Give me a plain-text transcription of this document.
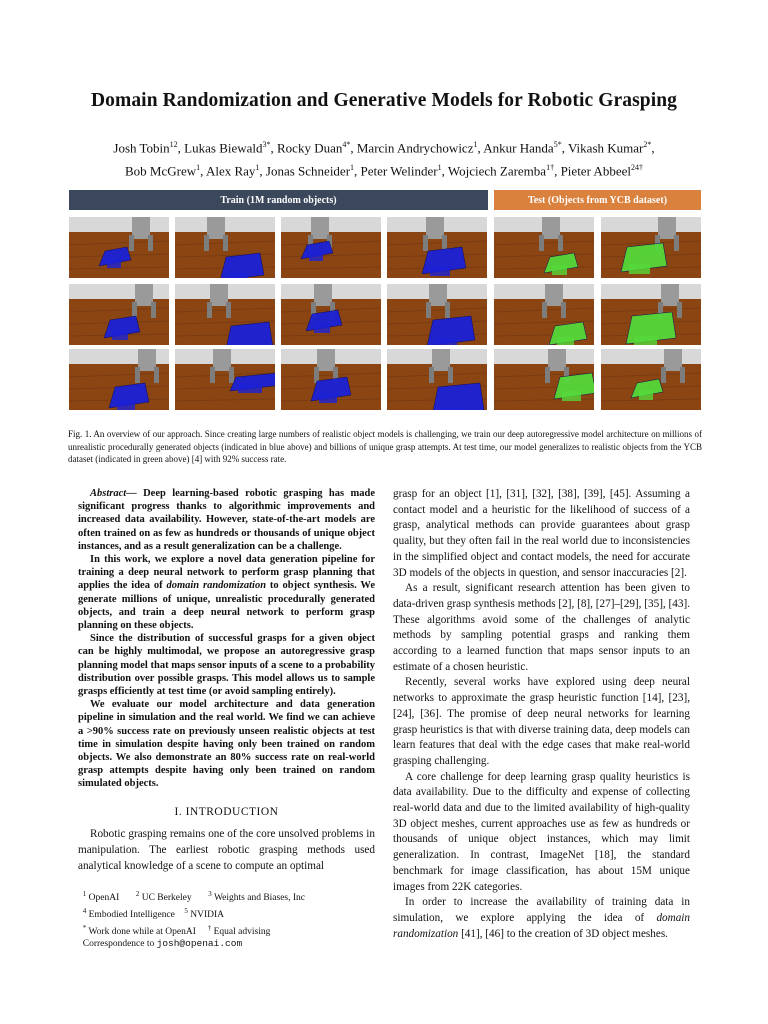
Domain Randomization and Generative Models for Robotic Grasping
Josh Tobin$^{12}$, Lukas Biewald$^{3*}$, Rocky Duan$^{4*}$, Marcin Andrychowicz$^1$, Ankur Handa$^{5*}$, Vikash Kumar$^{2*}$,
Bob McGrew$^1$, Alex Ray$^1$, Jonas Schneider$^1$, Peter Welinder$^1$, Wojciech Zaremba$^{1\dagger}$, Pieter Abbeel$^{24\dagger}$
Train (1M random objects)	Test (Objects from YCB dataset)
Fig. 1. An overview of our approach. Since creating large numbers of realistic object models is challenging, we train our deep autoregressive model architecture on millions of unrealistic procedurally generated objects (indicated in blue above) and billions of unique grasp attempts. At test time, our model generalizes to realistic objects from the YCB dataset (indicated in green above) [4] with 92% success rate.

Abstract— Deep learning-based robotic grasping has made significant progress thanks to algorithmic improvements and increased data availability. However, state-of-the-art models are often trained on as few as hundreds or thousands of unique object instances, and as a result generalization can be a challenge.

In this work, we explore a novel data generation pipeline for training a deep neural network to perform grasp planning that applies the idea of domain randomization to object synthesis. We generate millions of unique, unrealistic procedurally generated objects, and train a deep neural network to perform grasp planning on these objects.

Since the distribution of successful grasps for a given object can be highly multimodal, we propose an autoregressive grasp planning model that maps sensor inputs of a scene to a probability distribution over possible grasps. This model allows us to sample grasps efficiently at test time (or avoid sampling entirely).

We evaluate our model architecture and data generation pipeline in simulation and the real world. We find we can achieve a >90% success rate on previously unseen realistic objects at test time in simulation despite having only been trained on random objects. We also demonstrate an 80% success rate on real-world grasp attempts despite having only been trained on random simulated objects.

I. INTRODUCTION

Robotic grasping remains one of the core unsolved problems in manipulation. The earliest robotic grasping methods used analytical knowledge of a scene to compute an optimal

$^1$ OpenAI $^2$ UC Berkeley $^3$ Weights and Biases, Inc
$^4$ Embodied Intelligence $^5$ NVIDIA
* Work done while at OpenAI † Equal advising
Correspondence to josh@openai.com

grasp for an object [1], [31], [32], [38], [39], [45]. Assuming a contact model and a heuristic for the likelihood of success of a grasp, analytical methods can provide guarantees about grasp quality, but they often fail in the real world due to inconsistencies in the simplified object and contact models, the need for accurate 3D models of the objects in question, and sensor inaccuracies [2].

As a result, significant research attention has been given to data-driven grasp synthesis methods [2], [8], [27]–[29], [35], [43]. These algorithms avoid some of the challenges of analytic methods by sampling potential grasps and ranking them according to a learned function that maps sensor inputs to an estimate of a chosen heuristic.

Recently, several works have explored using deep neural networks to approximate the grasp heuristic function [14], [23], [24], [36]. The promise of deep neural networks for learning grasp heuristics is that with diverse training data, deep models can learn features that deal with the edge cases that make real-world grasping challenging.

A core challenge for deep learning grasp quality heuristics is data availability. Due to the difficulty and expense of collecting real-world data and due to the limited availability of high-quality 3D object meshes, current approaches use as few as hundreds or thousands of unique object instances, which may limit generalization. In contrast, ImageNet [18], the standard benchmark for image classification, has about 15M unique images from 22K categories.

In order to increase the availability of training data in simulation, we explore applying the idea of domain randomization [41], [46] to the creation of 3D object meshes.
